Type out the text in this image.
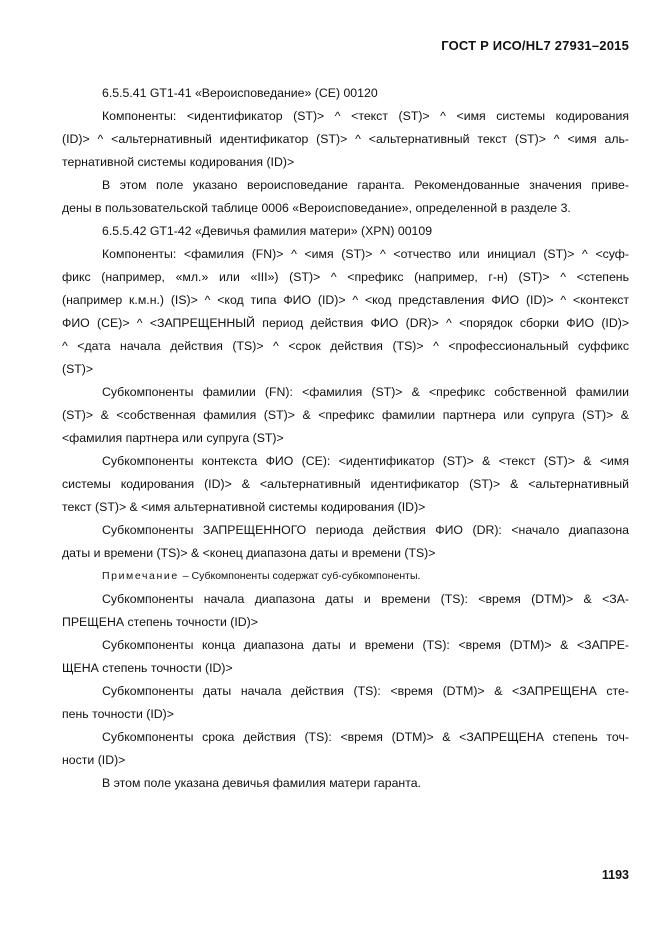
ГОСТ Р ИСО/HL7 27931–2015
6.5.5.41 GT1-41 «Вероисповедание» (CE) 00120
Компоненты: <идентификатор (ST)> ^ <текст (ST)> ^ <имя системы кодирования
(ID)> ^ <альтернативный идентификатор (ST)> ^ <альтернативный текст (ST)> ^ <имя аль-
тернативной системы кодирования (ID)>
В этом поле указано вероисповедание гаранта. Рекомендованные значения приве-
дены в пользовательской таблице 0006 «Вероисповедание», определенной в разделе 3.
6.5.5.42 GT1-42 «Девичья фамилия матери» (XPN) 00109
Компоненты: <фамилия (FN)> ^ <имя (ST)> ^ <отчество или инициал (ST)> ^ <суф-
фикс (например, «мл.» или «III») (ST)> ^ <префикс (например, г-н) (ST)> ^ <степень
(например к.м.н.) (IS)> ^ <код типа ФИО (ID)> ^ <код представления ФИО (ID)> ^ <контекст
ФИО (CE)> ^ <ЗАПРЕЩЕННЫЙ период действия ФИО (DR)> ^ <порядок сборки ФИО (ID)>
^ <дата начала действия (TS)> ^ <срок действия (TS)> ^ <профессиональный суффикс
(ST)>
Субкомпоненты фамилии (FN): <фамилия (ST)> & <префикс собственной фамилии
(ST)> & <собственная фамилия (ST)> & <префикс фамилии партнера или супруга (ST)> &
<фамилия партнера или супруга (ST)>
Субкомпоненты контекста ФИО (CE): <идентификатор (ST)> & <текст (ST)> & <имя
системы кодирования (ID)> & <альтернативный идентификатор (ST)> & <альтернативный
текст (ST)> & <имя альтернативной системы кодирования (ID)>
Субкомпоненты ЗАПРЕЩЕННОГО периода действия ФИО (DR): <начало диапазона
даты и времени (TS)> & <конец диапазона даты и времени (TS)>
Примечание – Субкомпоненты содержат суб-субкомпоненты.
Субкомпоненты начала диапазона даты и времени (TS): <время (DTM)> & <ЗА-
ПРЕЩЕНА степень точности (ID)>
Субкомпоненты конца диапазона даты и времени (TS): <время (DTM)> & <ЗАПРЕ-
ЩЕНА степень точности (ID)>
Субкомпоненты даты начала действия (TS): <время (DTM)> & <ЗАПРЕЩЕНА сте-
пень точности (ID)>
Субкомпоненты срока действия (TS): <время (DTM)> & <ЗАПРЕЩЕНА степень точ-
ности (ID)>
В этом поле указана девичья фамилия матери гаранта.
1193
